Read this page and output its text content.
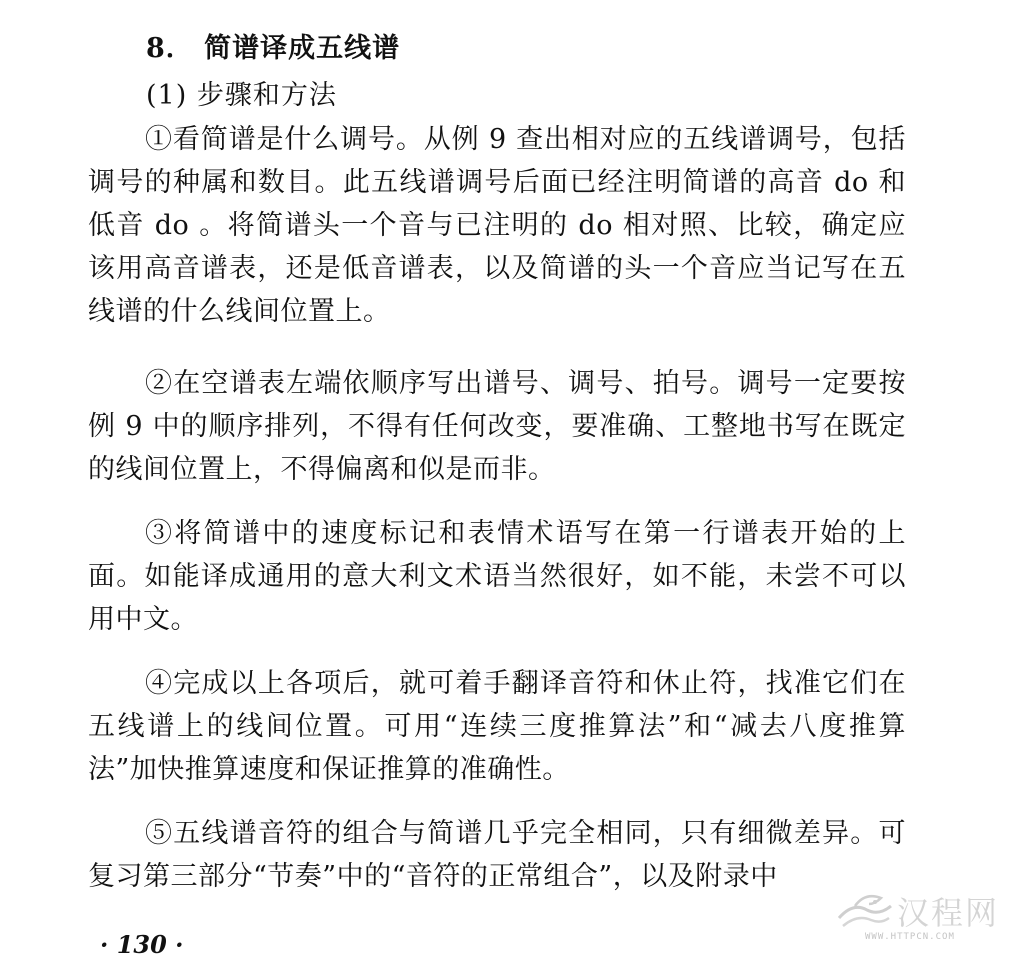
8． 简谱译成五线谱
(1) 步骤和方法
①看简谱是什么调号。从例 9 查出相对应的五线谱调号，包括调号的种属和数目。此五线谱调号后面已经注明简谱的高音 do 和低音 do 。将简谱头一个音与已注明的 do 相对照、比较，确定应该用高音谱表，还是低音谱表，以及简谱的头一个音应当记写在五线谱的什么线间位置上。
②在空谱表左端依顺序写出谱号、调号、拍号。调号一定要按例 9 中的顺序排列，不得有任何改变，要准确、工整地书写在既定的线间位置上，不得偏离和似是而非。
③将简谱中的速度标记和表情术语写在第一行谱表开始的上面。如能译成通用的意大利文术语当然很好，如不能，未尝不可以用中文。
④完成以上各项后，就可着手翻译音符和休止符，找准它们在五线谱上的线间位置。可用“连续三度推算法”和“减去八度推算法”加快推算速度和保证推算的准确性。
⑤五线谱音符的组合与简谱几乎完全相同，只有细微差异。可复习第三部分“节奏”中的“音符的正常组合”，以及附录中
· 130 ·
汉程网
WWW.HTTPCN.COM
